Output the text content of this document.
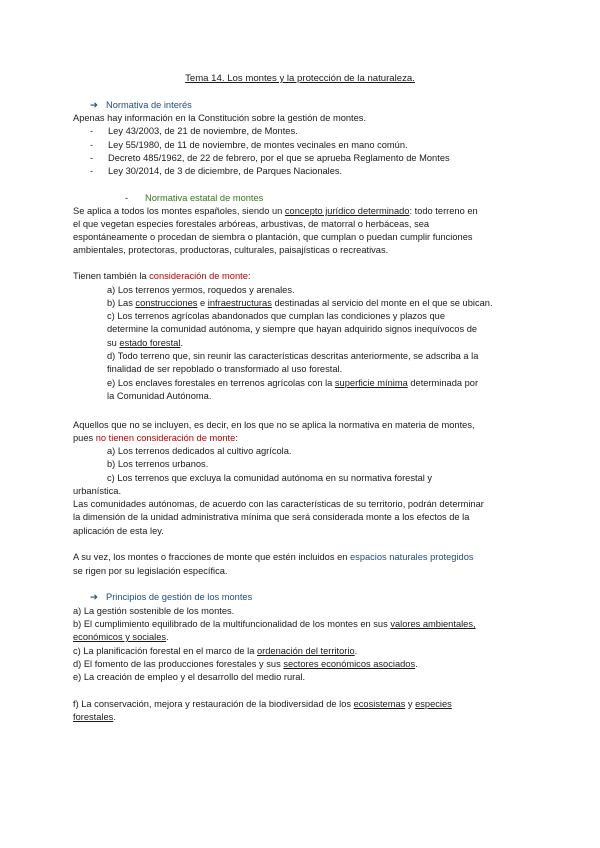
Tema 14. Los montes y la protección de la naturaleza.
➔ Normativa de interés
Apenas hay información en la Constitución sobre la gestión de montes.
- Ley 43/2003, de 21 de noviembre, de Montes.
- Ley 55/1980, de 11 de noviembre, de montes vecinales en mano común.
- Decreto 485/1962, de 22 de febrero, por el que se aprueba Reglamento de Montes
- Ley 30/2014, de 3 de diciembre, de Parques Nacionales.
- Normativa estatal de montes
Se aplica a todos los montes españoles, siendo un concepto jurídico determinado: todo terreno en
el que vegetan especies forestales arbóreas, arbustivas, de matorral o herbáceas, sea
espontáneamente o procedan de siembra o plantación, que cumplan o puedan cumplir funciones
ambientales, protectoras, productoras, culturales, paisajísticas o recreativas.
Tienen también la consideración de monte:
a) Los terrenos yermos, roquedos y arenales.
b) Las construcciones e infraestructuras destinadas al servicio del monte en el que se ubican.
c) Los terrenos agrícolas abandonados que cumplan las condiciones y plazos que
determine la comunidad autónoma, y siempre que hayan adquirido signos inequívocos de
su estado forestal.
d) Todo terreno que, sin reunir las características descritas anteriormente, se adscriba a la
finalidad de ser repoblado o transformado al uso forestal.
e) Los enclaves forestales en terrenos agrícolas con la superficie mínima determinada por
la Comunidad Autónoma.
Aquellos que no se incluyen, es decir, en los que no se aplica la normativa en materia de montes,
pues no tienen consideración de monte:
a) Los terrenos dedicados al cultivo agrícola.
b) Los terrenos urbanos.
c) Los terrenos que excluya la comunidad autónoma en su normativa forestal y
urbanística.
Las comunidades autónomas, de acuerdo con las características de su territorio, podrán determinar
la dimensión de la unidad administrativa mínima que será considerada monte a los efectos de la
aplicación de esta ley.
A su vez, los montes o fracciones de monte que estén incluidos en espacios naturales protegidos
se rigen por su legislación específica.
➔ Principios de gestión de los montes
a) La gestión sostenible de los montes.
b) El cumplimiento equilibrado de la multifuncionalidad de los montes en sus valores ambientales,
económicos y sociales.
c) La planificación forestal en el marco de la ordenación del territorio.
d) El fomento de las producciones forestales y sus sectores económicos asociados.
e) La creación de empleo y el desarrollo del medio rural.
f) La conservación, mejora y restauración de la biodiversidad de los ecosistemas y especies
forestales.
